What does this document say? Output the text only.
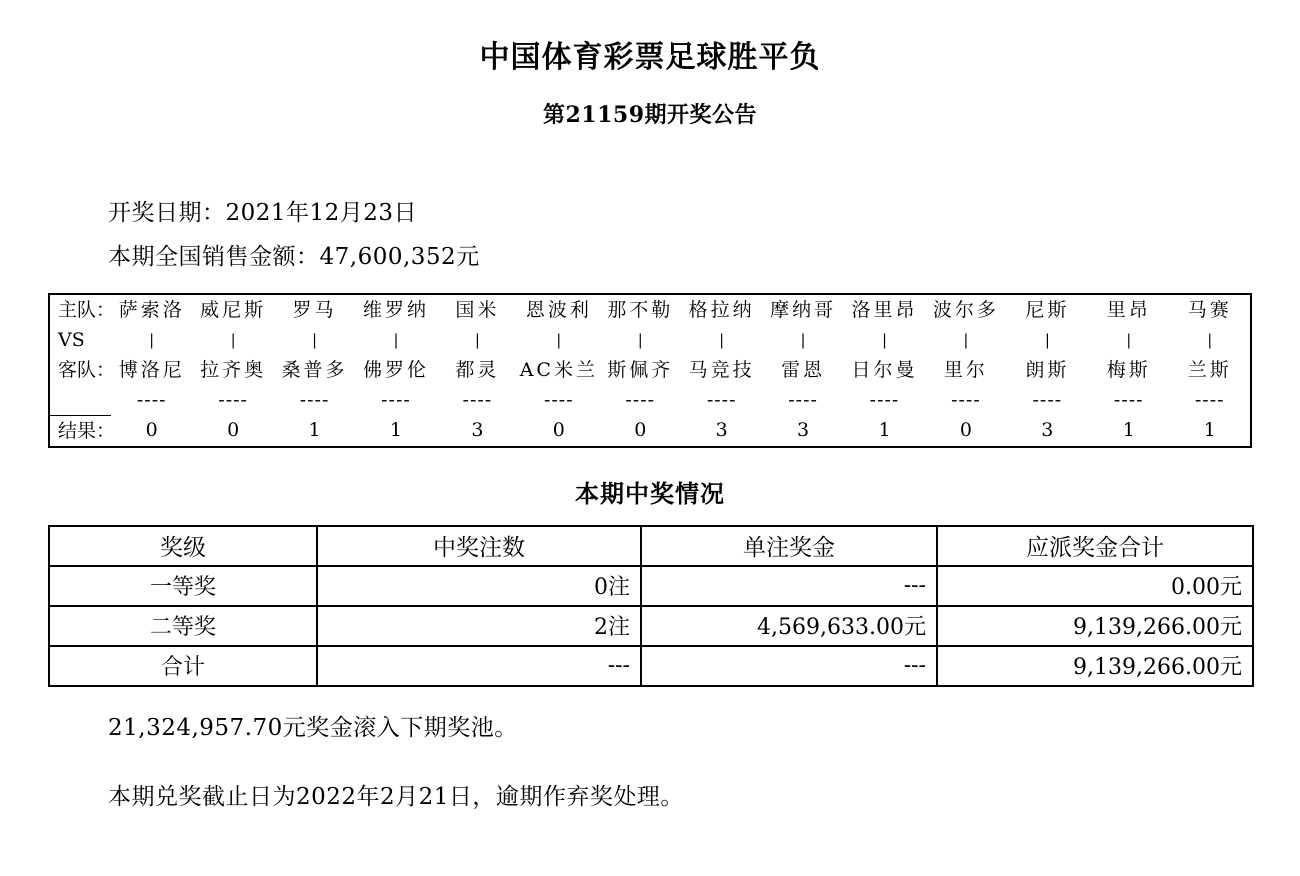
中国体育彩票足球胜平负
第21159期开奖公告
开奖日期：2021年12月23日
本期全国销售金额：47,600,352元
主队：	萨索洛	威尼斯	罗马	维罗纳	国米	恩波利	那不勒	格拉纳	摩纳哥	洛里昂	波尔多	尼斯	里昂	马赛
VS	|	|	|	|	|	|	|	|	|	|	|	|	|	|

客队：	博洛尼	拉齐奥	桑普多	佛罗伦	都灵	AC米兰	斯佩齐	马竞技	雷恩	日尔曼	里尔	朗斯	梅斯	兰斯
	----	----	----	----	----	----	----	----	----	----	----	----	----	----
结果：	0	0	1	1	3	0	0	3	3	1	0	3	1	1
本期中奖情况
奖级	中奖注数	单注奖金	应派奖金合计
一等奖	0注	---	0.00元
二等奖	2注	4,569,633.00元	9,139,266.00元
合计	---	---	9,139,266.00元
21,324,957.70元奖金滚入下期奖池。
本期兑奖截止日为2022年2月21日，逾期作弃奖处理。
